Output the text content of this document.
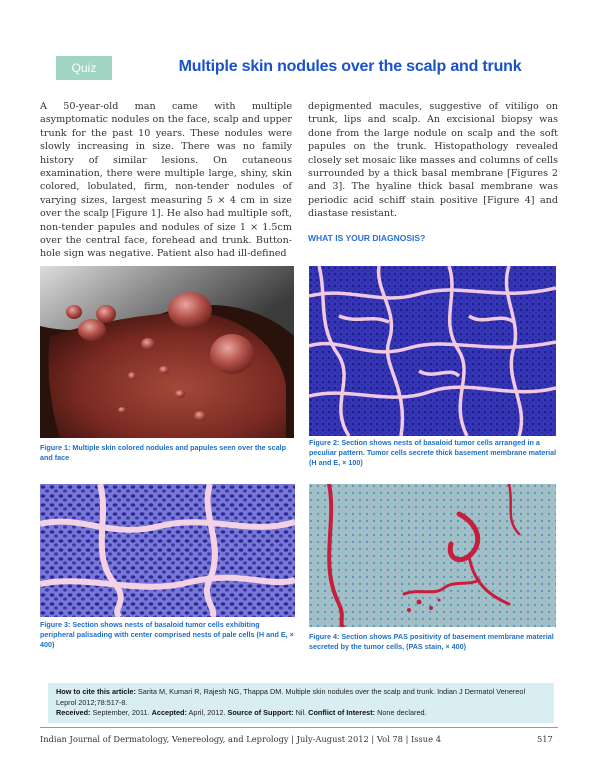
Quiz	Multiple skin nodules over the scalp and trunk

A 50-year-old man came with multiple asymptomatic nodules on the face, scalp and upper trunk for the past 10 years. These nodules were slowly increasing in size. There was no family history of similar lesions. On cutaneous examination, there were multiple large, shiny, skin colored, lobulated, firm, non-tender nodules of varying sizes, largest measuring 5 × 4 cm in size over the scalp [Figure 1]. He also had multiple soft, non-tender papules and nodules of size 1 × 1.5cm over the central face, forehead and trunk. Button-hole sign was negative. Patient also had ill-defined

depigmented macules, suggestive of vitiligo on trunk, lips and scalp. An excisional biopsy was done from the large nodule on scalp and the soft papules on the trunk. Histopathology revealed closely set mosaic like masses and columns of cells surrounded by a thick basal membrane [Figures 2 and 3]. The hyaline thick basal membrane was periodic acid schiff stain positive [Figure 4] and diastase resistant.

WHAT IS YOUR DIAGNOSIS?

Figure 1: Multiple skin colored nodules and papules seen over the scalp and face

Figure 2: Section shows nests of basaloid tumor cells arranged in a peculiar pattern. Tumor cells secrete thick basement membrane material (H and E, × 100)

Figure 3: Section shows nests of basaloid tumor cells exhibiting peripheral palisading with center comprised nests of pale cells (H and E, × 400)

Figure 4: Section shows PAS positivity of basement membrane material secreted by the tumor cells, (PAS stain, × 400)

How to cite this article: Sarita M, Kumari R, Rajesh NG, Thappa DM. Multiple skin nodules over the scalp and trunk. Indian J Dermatol Venereol Leprol 2012;78:517-8.
Received: September, 2011. Accepted: April, 2012. Source of Support: Nil. Conflict of Interest: None declared.
Indian Journal of Dermatology, Venereology, and Leprology | July-August 2012 | Vol 78 | Issue 4	517
